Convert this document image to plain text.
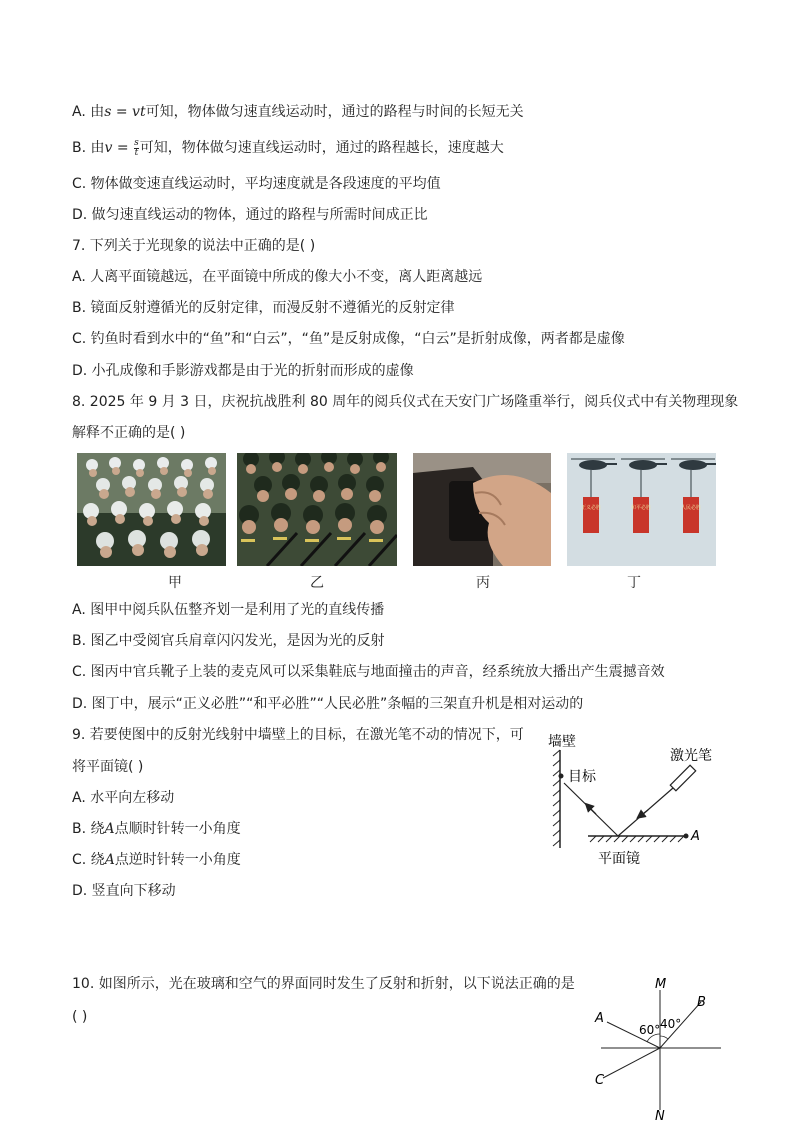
A. 由s = vt可知，物体做匀速直线运动时，通过的路程与时间的长短无关
B. 由$v = \frac{s}{t}$ 可知，物体做匀速直线运动时，通过的路程越长，速度越大
C. 物体做变速直线运动时，平均速度就是各段速度的平均值
D. 做匀速直线运动的物体，通过的路程与所需时间成正比
7. 下列关于光现象的说法中正确的是( )
A. 人离平面镜越远，在平面镜中所成的像大小不变，离人距离越远
B. 镜面反射遵循光的反射定律，而漫反射不遵循光的反射定律
C. 钓鱼时看到水中的“鱼”和“白云”，“鱼”是反射成像，“白云”是折射成像，两者都是虚像
D. 小孔成像和手影游戏都是由于光的折射而形成的虚像
8. 2025 年 9 月 3 日，庆祝抗战胜利 80 周年的阅兵仪式在天安门广场隆重举行，阅兵仪式中有关物理现象
解释不正确的是( )
正义必胜	和平必胜	人民必胜
甲	乙	丙	丁
A. 图甲中阅兵队伍整齐划一是利用了光的直线传播
B. 图乙中受阅官兵肩章闪闪发光，是因为光的反射
C. 图丙中官兵靴子上装的麦克风可以采集鞋底与地面撞击的声音，经系统放大播出产生震撼音效
D. 图丁中，展示“正义必胜”“和平必胜”“人民必胜”条幅的三架直升机是相对运动的
9. 若要使图中的反射光线射中墙壁上的目标，在激光笔不动的情况下，可
将平面镜( )
A. 水平向左移动
B. 绕A点顺时针转一小角度
C. 绕A点逆时针转一小角度
D. 竖直向下移动
墙壁
目标
激光笔
A
平面镜
10. 如图所示，光在玻璃和空气的界面同时发生了反射和折射，以下说法正确的是
( )
M
N
A
B
C
60° 40°
